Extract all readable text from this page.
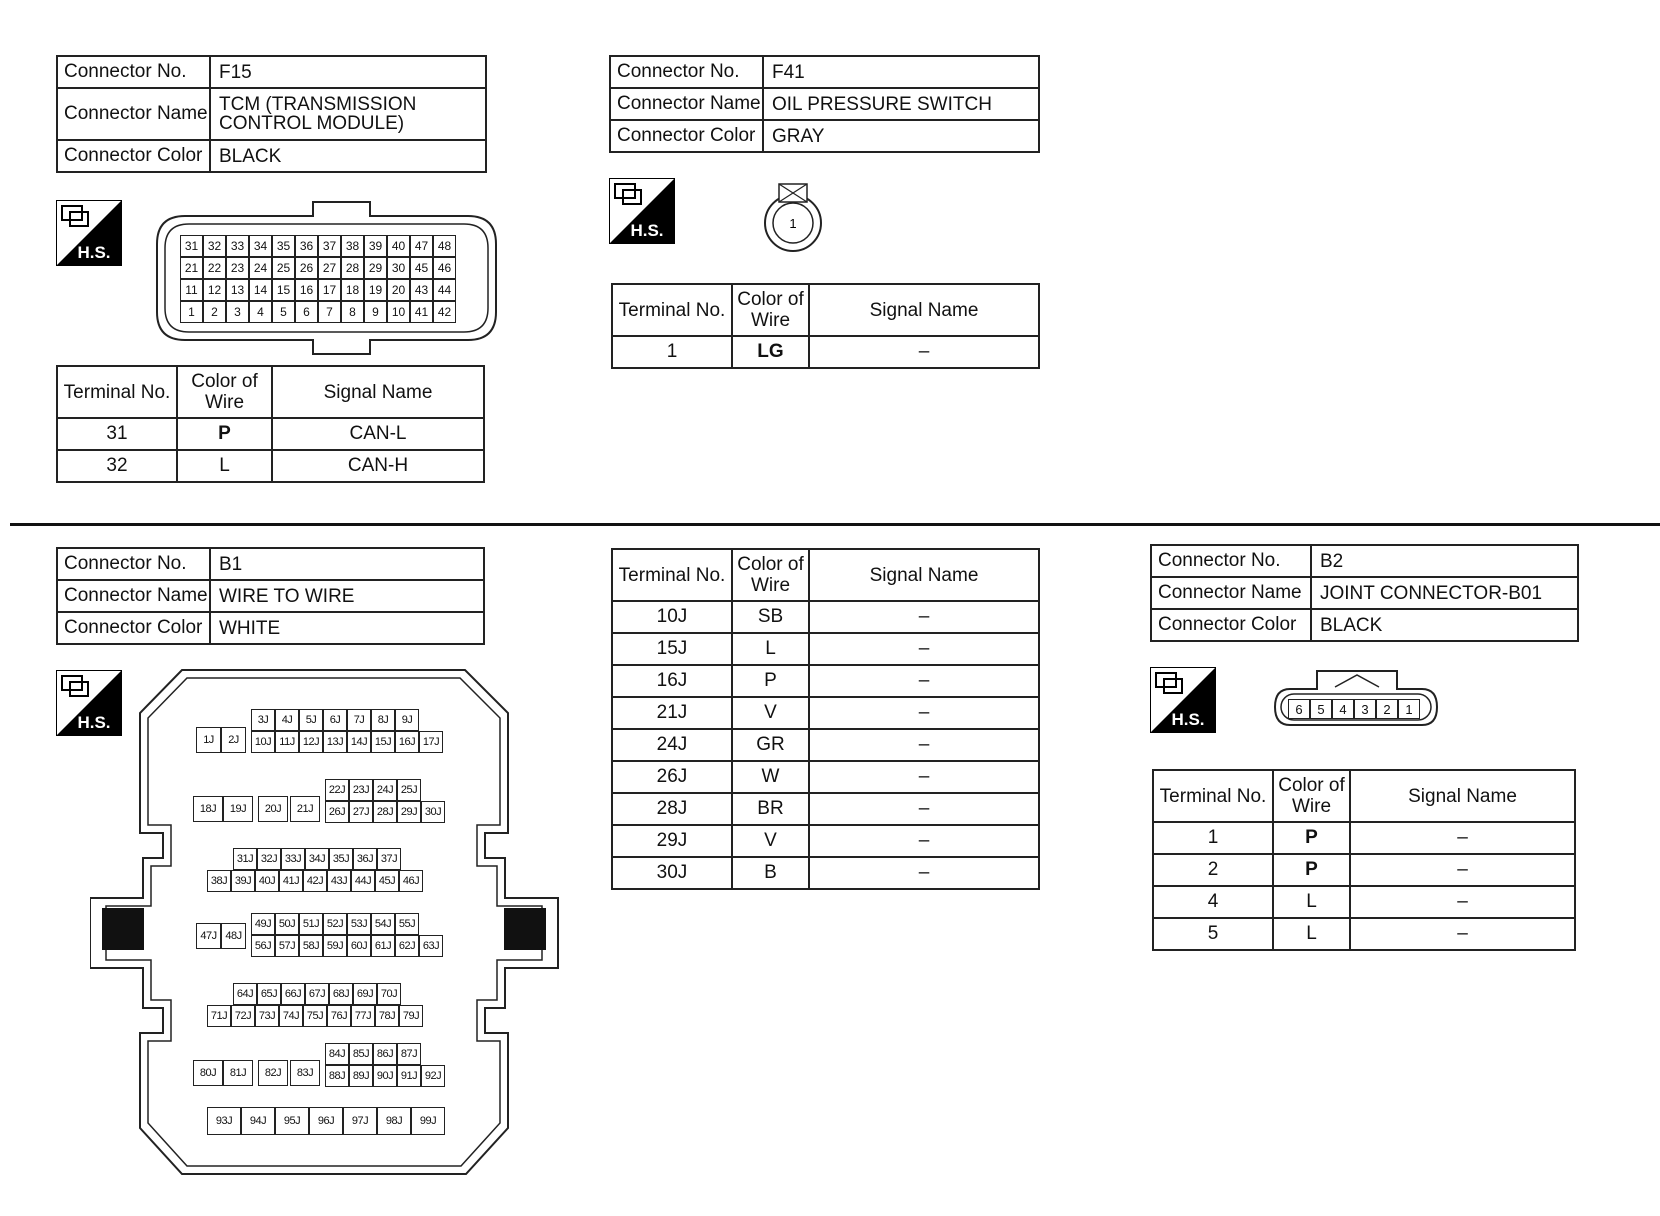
Connector No.	F15
Connector Name	TCM (TRANSMISSION CONTROL MODULE)
Connector Color	BLACK
H.S.	31 32 33 34 35 36 37 38 39 40 47 48
21 22 23 24 25 26 27 28 29 30 45 46
11 12 13 14 15 16 17 18 19 20 43 44
1	2	3	4	5	6	7	8	9	10 41 42
Terminal No.	Color of Wire	Signal Name
31	P	CAN-L
32	L	CAN-H
Connector No.	F41
Connector Name	OIL PRESSURE SWITCH
Connector Color	GRAY
H.S.	1
Terminal No.	Color of Wire	Signal Name
1	LG	–
Connector No.	B1
Connector Name	WIRE TO WIRE
Connector Color	WHITE
H.S.
1J	2J
3J	4J	5J	6J	7J	8J	9J
10J 11J 12J 13J 14J 15J 16J 17J
18J	19J	20J	21J
22J 23J 24J 25J
26J 27J 28J 29J 30J
31J 32J 33J 34J 35J 36J 37J
38J 39J 40J 41J 42J 43J 44J 45J 46J
47J 48J
49J 50J 51J 52J 53J 54J 55J
56J 57J 58J 59J 60J 61J 62J 63J
64J 65J 66J 67J 68J 69J 70J
71J 72J 73J 74J 75J 76J 77J 78J 79J
80J	81J	82J	83J
84J 85J 86J 87J
88J 89J 90J 91J 92J
93J	94J	95J	96J	97J	98J	99J
Terminal No.	Color of Wire	Signal Name
10J	SB	–
15J	L	–
16J	P	–
21J	V	–
24J	GR	–
26J	W	–
28J	BR	–
29J	V	–
30J	B	–
Connector No.	B2
Connector Name	JOINT CONNECTOR-B01
Connector Color	BLACK
H.S.
6	5	4	3	2	1
Terminal No.	Color of Wire	Signal Name
1	P	–
2	P	–
4	L	–
5	L	–
